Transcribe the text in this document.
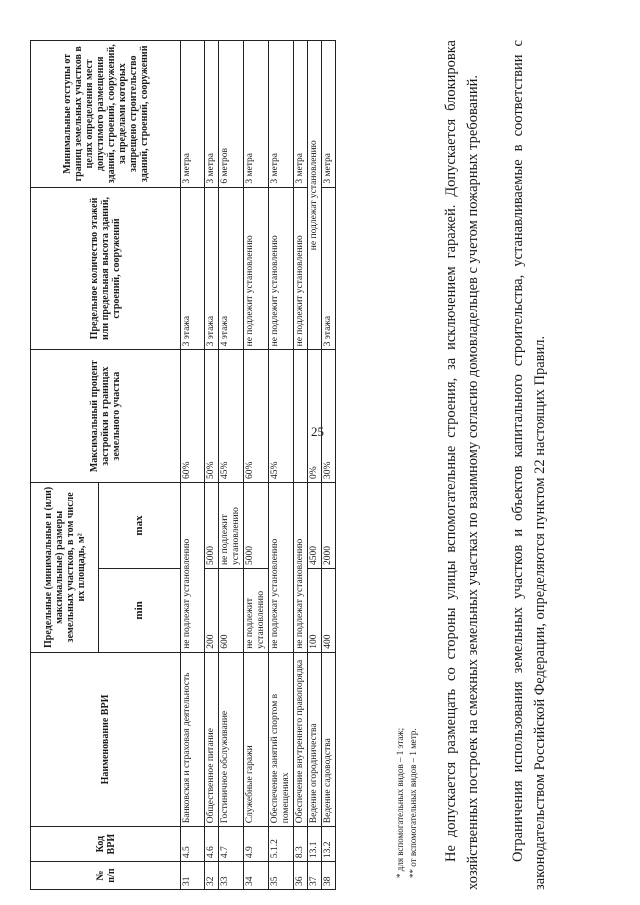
25
№ п/п	Код ВРИ	Наименование ВРИ	Предельные (минимальные и (или) максимальные) размеры земельных участков, в том числе их площадь, м²		Максимальный процент застройки в границах земельного участка	Предельное количество этажей или предельная высота зданий, строений, сооружений	Минимальные отступы от границ земельных участков в целях определения мест допустимого размещения зданий, строений, сооружений, за пределами которых запрещено строительство зданий, строений, сооружений
			min	max			
31	4.5	Банковская и страховая деятельность	не подлежат установлению		60%	3 этажа	3 метра
32	4.6	Общественное питание	200	5000	50%	3 этажа	3 метра
33	4.7	Гостиничное обслуживание	600	не подлежит установлению	45%	4 этажа	6 метров
34	4.9	Служебные гаражи	не подлежит установлению	5000	60%	не подлежит установлению	3 метра
35	5.1.2	Обеспечение занятий спортом в помещениях	не подлежат установлению		45%	не подлежит установлению	3 метра
36	8.3	Обеспечение внутреннего правопорядка	не подлежат установлению			не подлежит установлению	3 метра
37	13.1	Ведение огородничества	100	4500	0%	не подлежат установлению	
38	13.2	Ведение садоводства	400	2000	30%	3 этажа	3 метра
* для вспомогательных видов – 1 этаж; ** от вспомогательных видов – 1 метр. Не допускается размещать со стороны улицы вспомогательные строения, за исключением гаражей. Допускается блокировка хозяйственных построек на смежных земельных участках по взаимному согласию домовладельцев с учетом пожарных требований. Ограничения использования земельных участков и объектов капитального строительства, устанавливаемые в соответствии с законодательством Российской Федерации, определяются пунктом 22 настоящих Правил.
